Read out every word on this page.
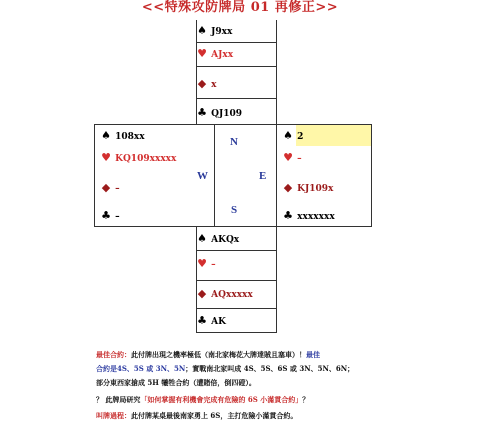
<<特殊攻防牌局 01 再修正>>
♠ J9xx
♥ AJxx
◆ x
♣ QJ109
♠ 108xx
♥ KQ109xxxxx
◆ –
♣ –
N
W	E
S
♠ 2
♥ –
◆ KJ109x
♣ xxxxxxx
♠ AKQx
♥ –
◆ AQxxxxx
♣ AK
最佳合約：此付牌出現之機率極低（南北家梅花大牌達賊且塞車）！最佳
合約是4S、5S 或 3N、5N；實戰南北家叫成 4S、5S、6S 或 3N、5N、6N；
部分東西家搶成 5H 犧牲合約（遭賭倍，倒四磴）。
？ 此牌局研究「如何掌握有利機會完成有危險的 6S 小滿貫合約」？
叫牌過程：此付牌某桌最後南家勇上 6S，主打危險小滿貫合約。
